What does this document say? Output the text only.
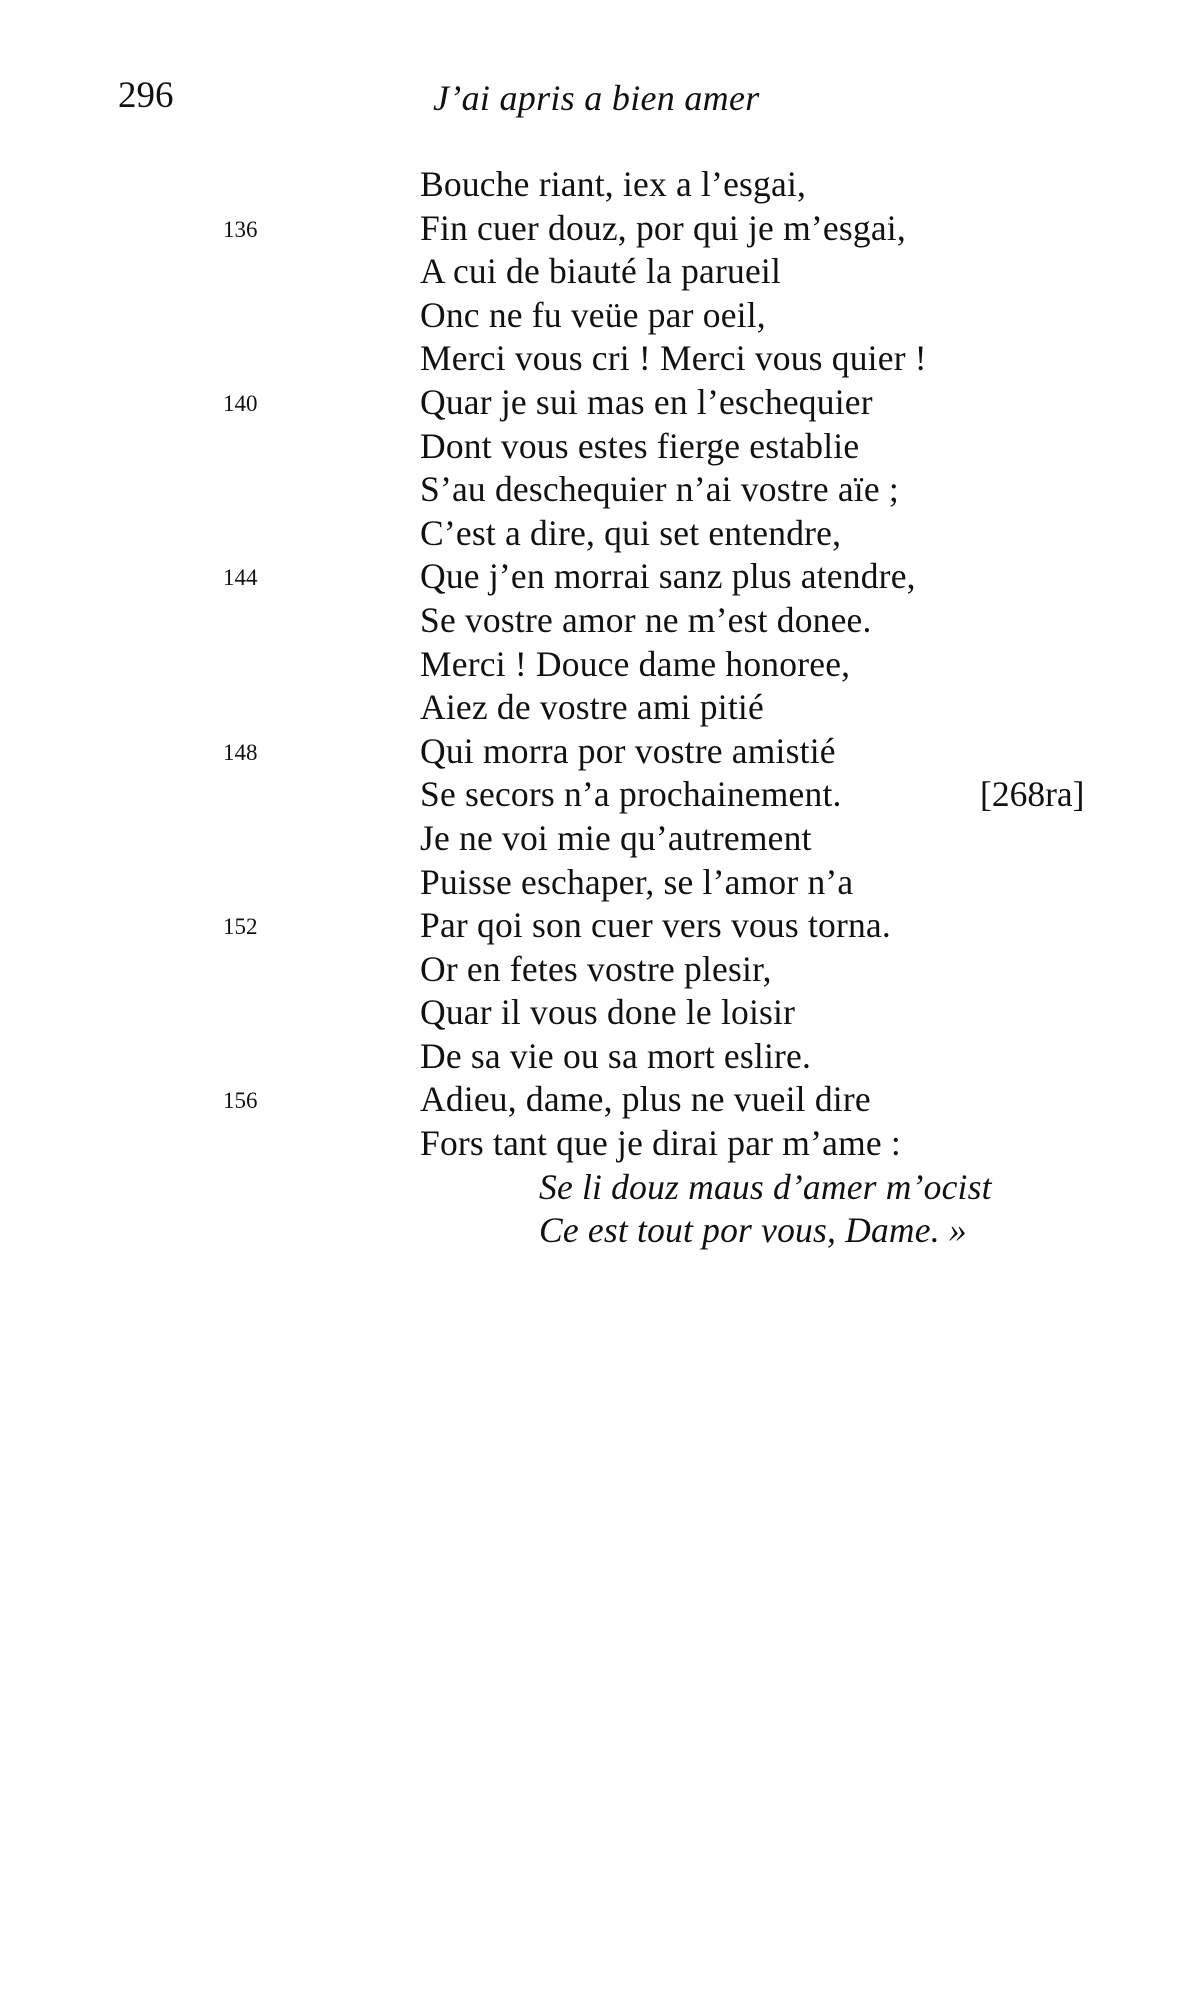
296	J’ai apris a bien amer
Bouche riant, iex a l’esgai,
136	Fin cuer douz, por qui je m’esgai,
A cui de biauté la parueil
Onc ne fu veüe par oeil,
Merci vous cri ! Merci vous quier !
140	Quar je sui mas en l’eschequier
Dont vous estes fierge establie
S’au deschequier n’ai vostre aïe ;
C’est a dire, qui set entendre,
144	Que j’en morrai sanz plus atendre,
Se vostre amor ne m’est donee.
Merci ! Douce dame honoree,
Aiez de vostre ami pitié
148	Qui morra por vostre amistié
Se secors n’a prochainement.	[268ra]
Je ne voi mie qu’autrement
Puisse eschaper, se l’amor n’a
152	Par qoi son cuer vers vous torna.
Or en fetes vostre plesir,
Quar il vous done le loisir
De sa vie ou sa mort eslire.
156	Adieu, dame, plus ne vueil dire
Fors tant que je dirai par m’ame :
Se li douz maus d’amer m’ocist
Ce est tout por vous, Dame. »
